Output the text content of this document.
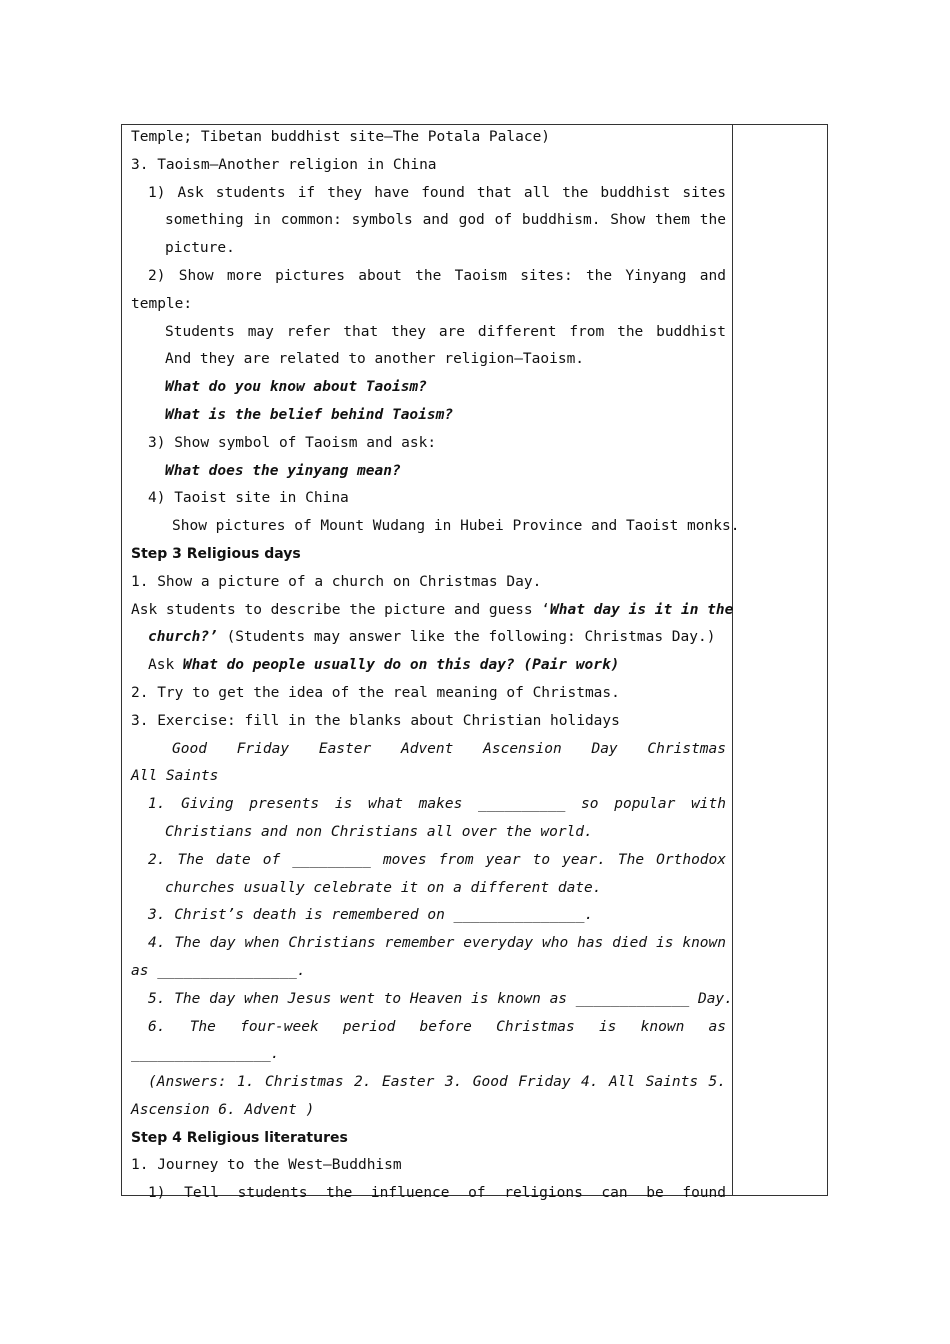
Temple; Tibetan buddhist site—The Potala Palace)
3. Taoism—Another religion in China
1) Ask students if they have found that all the buddhist sites
something in common: symbols and god of buddhism. Show them the
picture.
2) Show more pictures about the Taoism sites: the Yinyang and
temple:
Students may refer that they are different from the buddhist
And they are related to another religion—Taoism.
What do you know about Taoism?
What is the belief behind Taoism?
3) Show symbol of Taoism and ask:
What does the yinyang mean?
4) Taoist site in China
Show pictures of Mount Wudang in Hubei Province and Taoist monks.
Step 3 Religious days
1. Show a picture of a church on Christmas Day.
Ask students to describe the picture and guess ‘What day is it in the
church?’ (Students may answer like the following: Christmas Day.)
Ask What do people usually do on this day? (Pair work)
2. Try to get the idea of the real meaning of Christmas.
3. Exercise: fill in the blanks about Christian holidays
Good Friday Easter Advent Ascension Day Christmas
All Saints
1. Giving presents is what makes __________ so popular with
Christians and non Christians all over the world.
2. The date of _________ moves from year to year. The Orthodox
churches usually celebrate it on a different date.
3. Christ’s death is remembered on _______________.
4. The day when Christians remember everyday who has died is known
as ________________.
5. The day when Jesus went to Heaven is known as _____________ Day.
6. The four-week period before Christmas is known as
________________.
(Answers: 1. Christmas 2. Easter 3. Good Friday 4. All Saints 5.
Ascension 6. Advent )
Step 4 Religious literatures
1. Journey to the West—Buddhism
1) Tell students the influence of religions can be found
